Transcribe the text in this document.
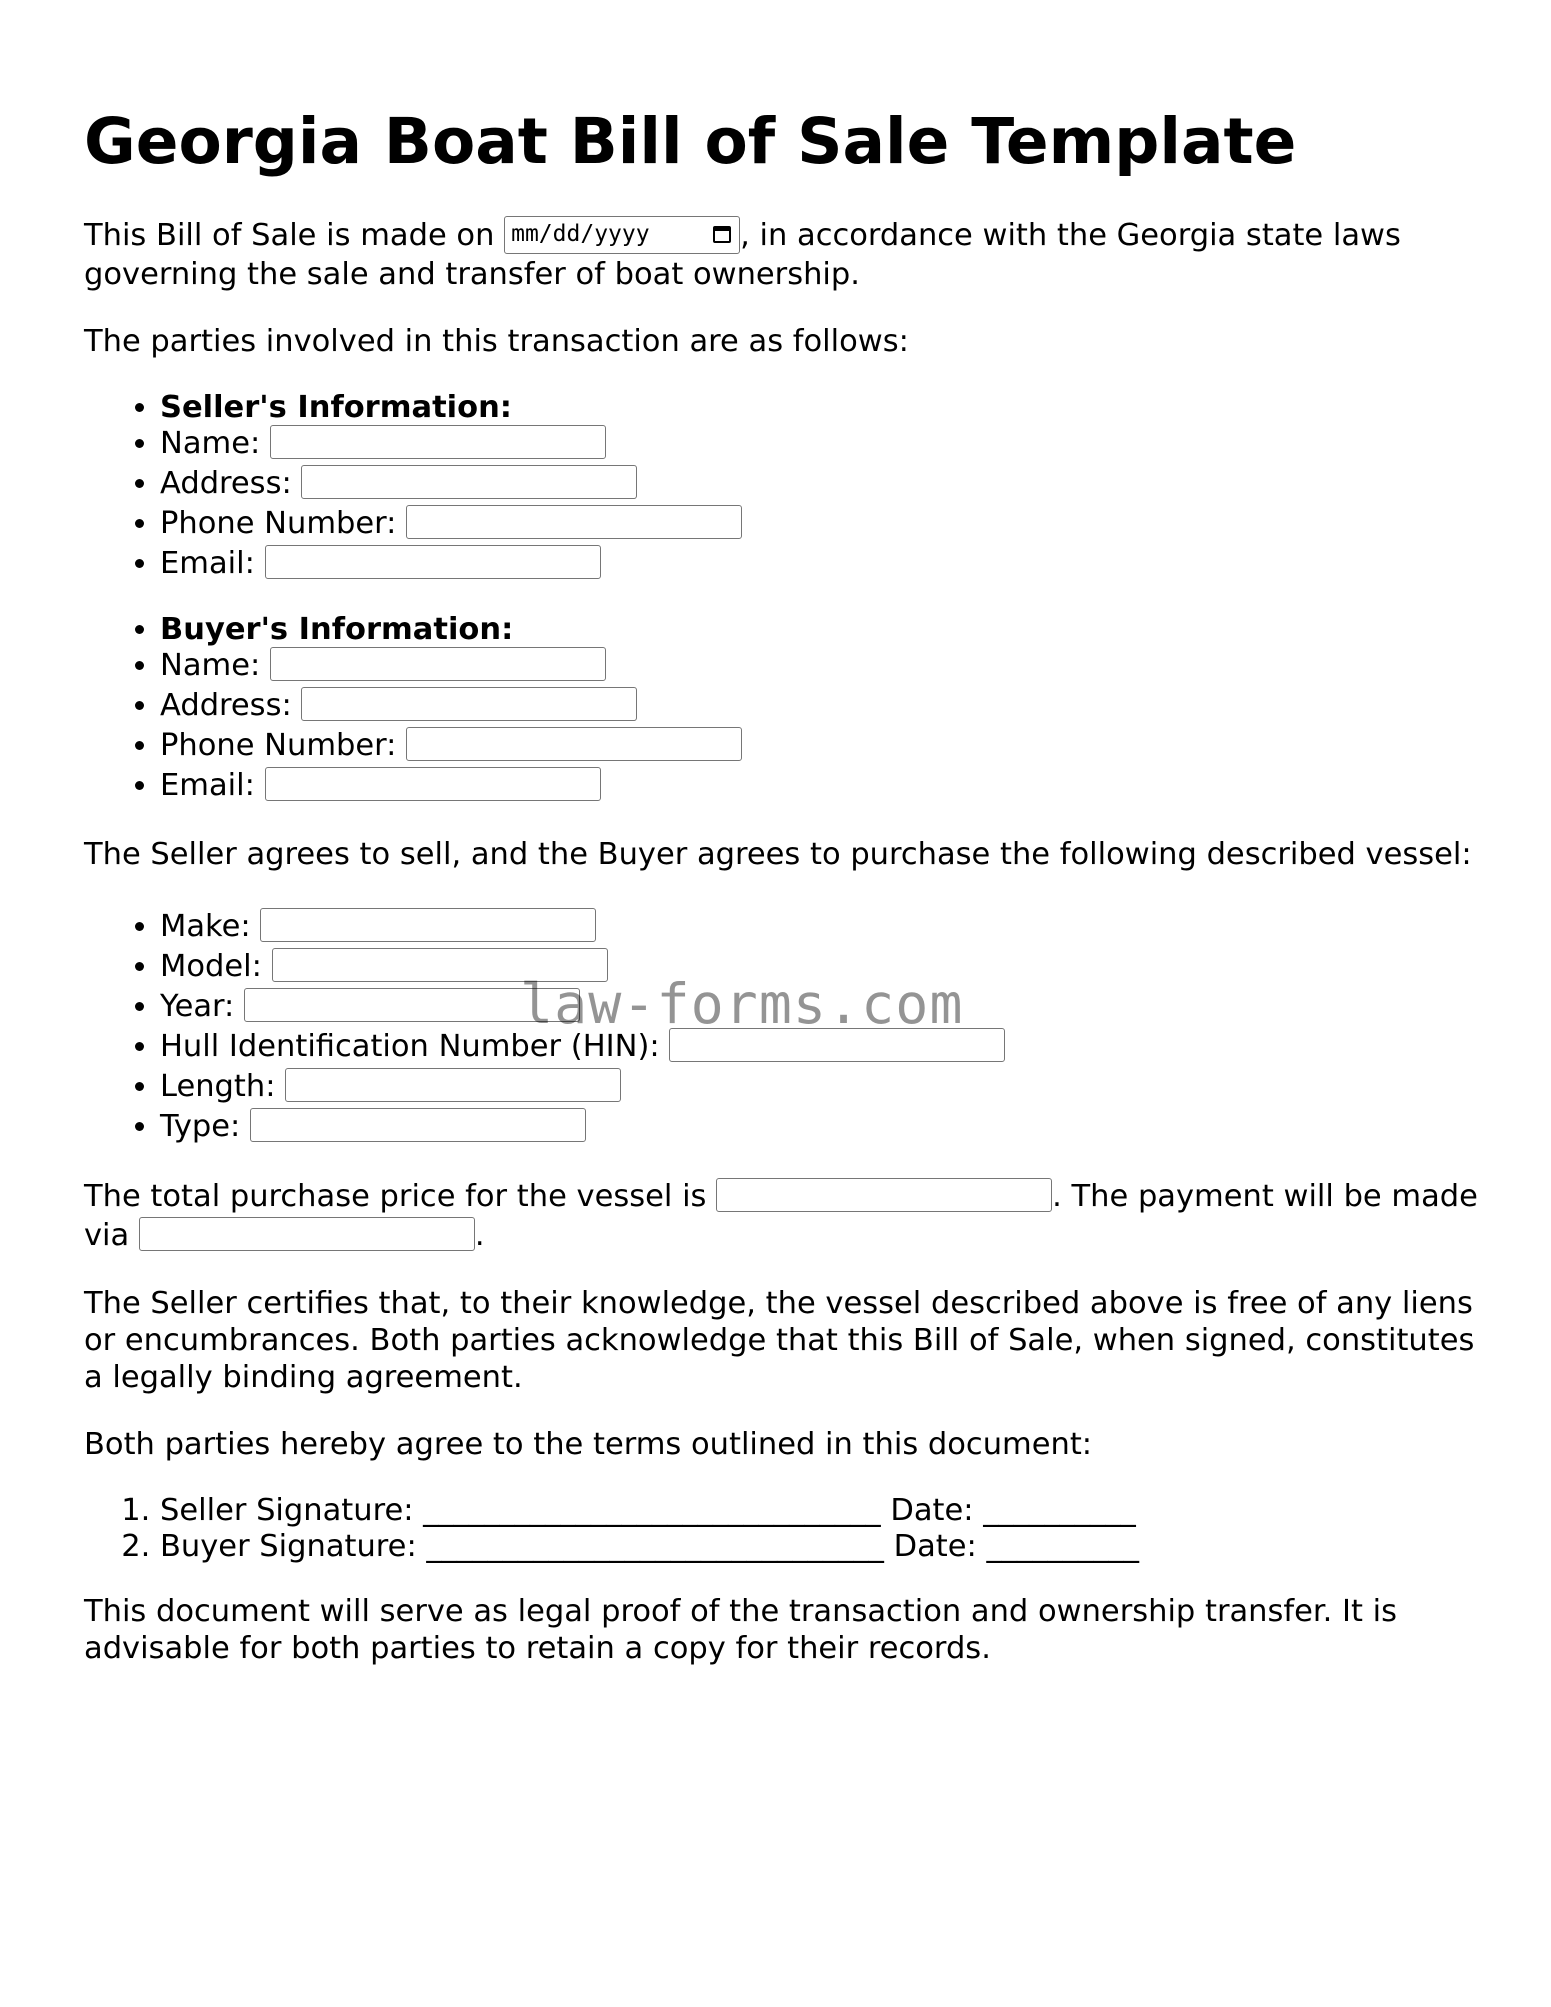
Georgia Boat Bill of Sale Template

This Bill of Sale is made on mm/dd/yyyy	, in accordance with the Georgia state laws governing the sale and transfer of boat ownership.

The parties involved in this transaction are as follows:

• Seller's Information:
• Name:
• Address:
• Phone Number:
• Email:
• Buyer's Information:
• Name:
• Address:
• Phone Number:
• Email:

The Seller agrees to sell, and the Buyer agrees to purchase the following described vessel:

• Make:
• Model:
• Year:
• Hull Identification Number (HIN):
• Length:
• Type:

The total purchase price for the vessel is	. The payment will be made via	.

The Seller certifies that, to their knowledge, the vessel described above is free of any liens or encumbrances. Both parties acknowledge that this Bill of Sale, when signed, constitutes a legally binding agreement.

Both parties hereby agree to the terms outlined in this document:

1. Seller Signature: ______________________________ Date: __________
2. Buyer Signature: ______________________________ Date: __________

This document will serve as legal proof of the transaction and ownership transfer. It is advisable for both parties to retain a copy for their records.

law-forms.com
